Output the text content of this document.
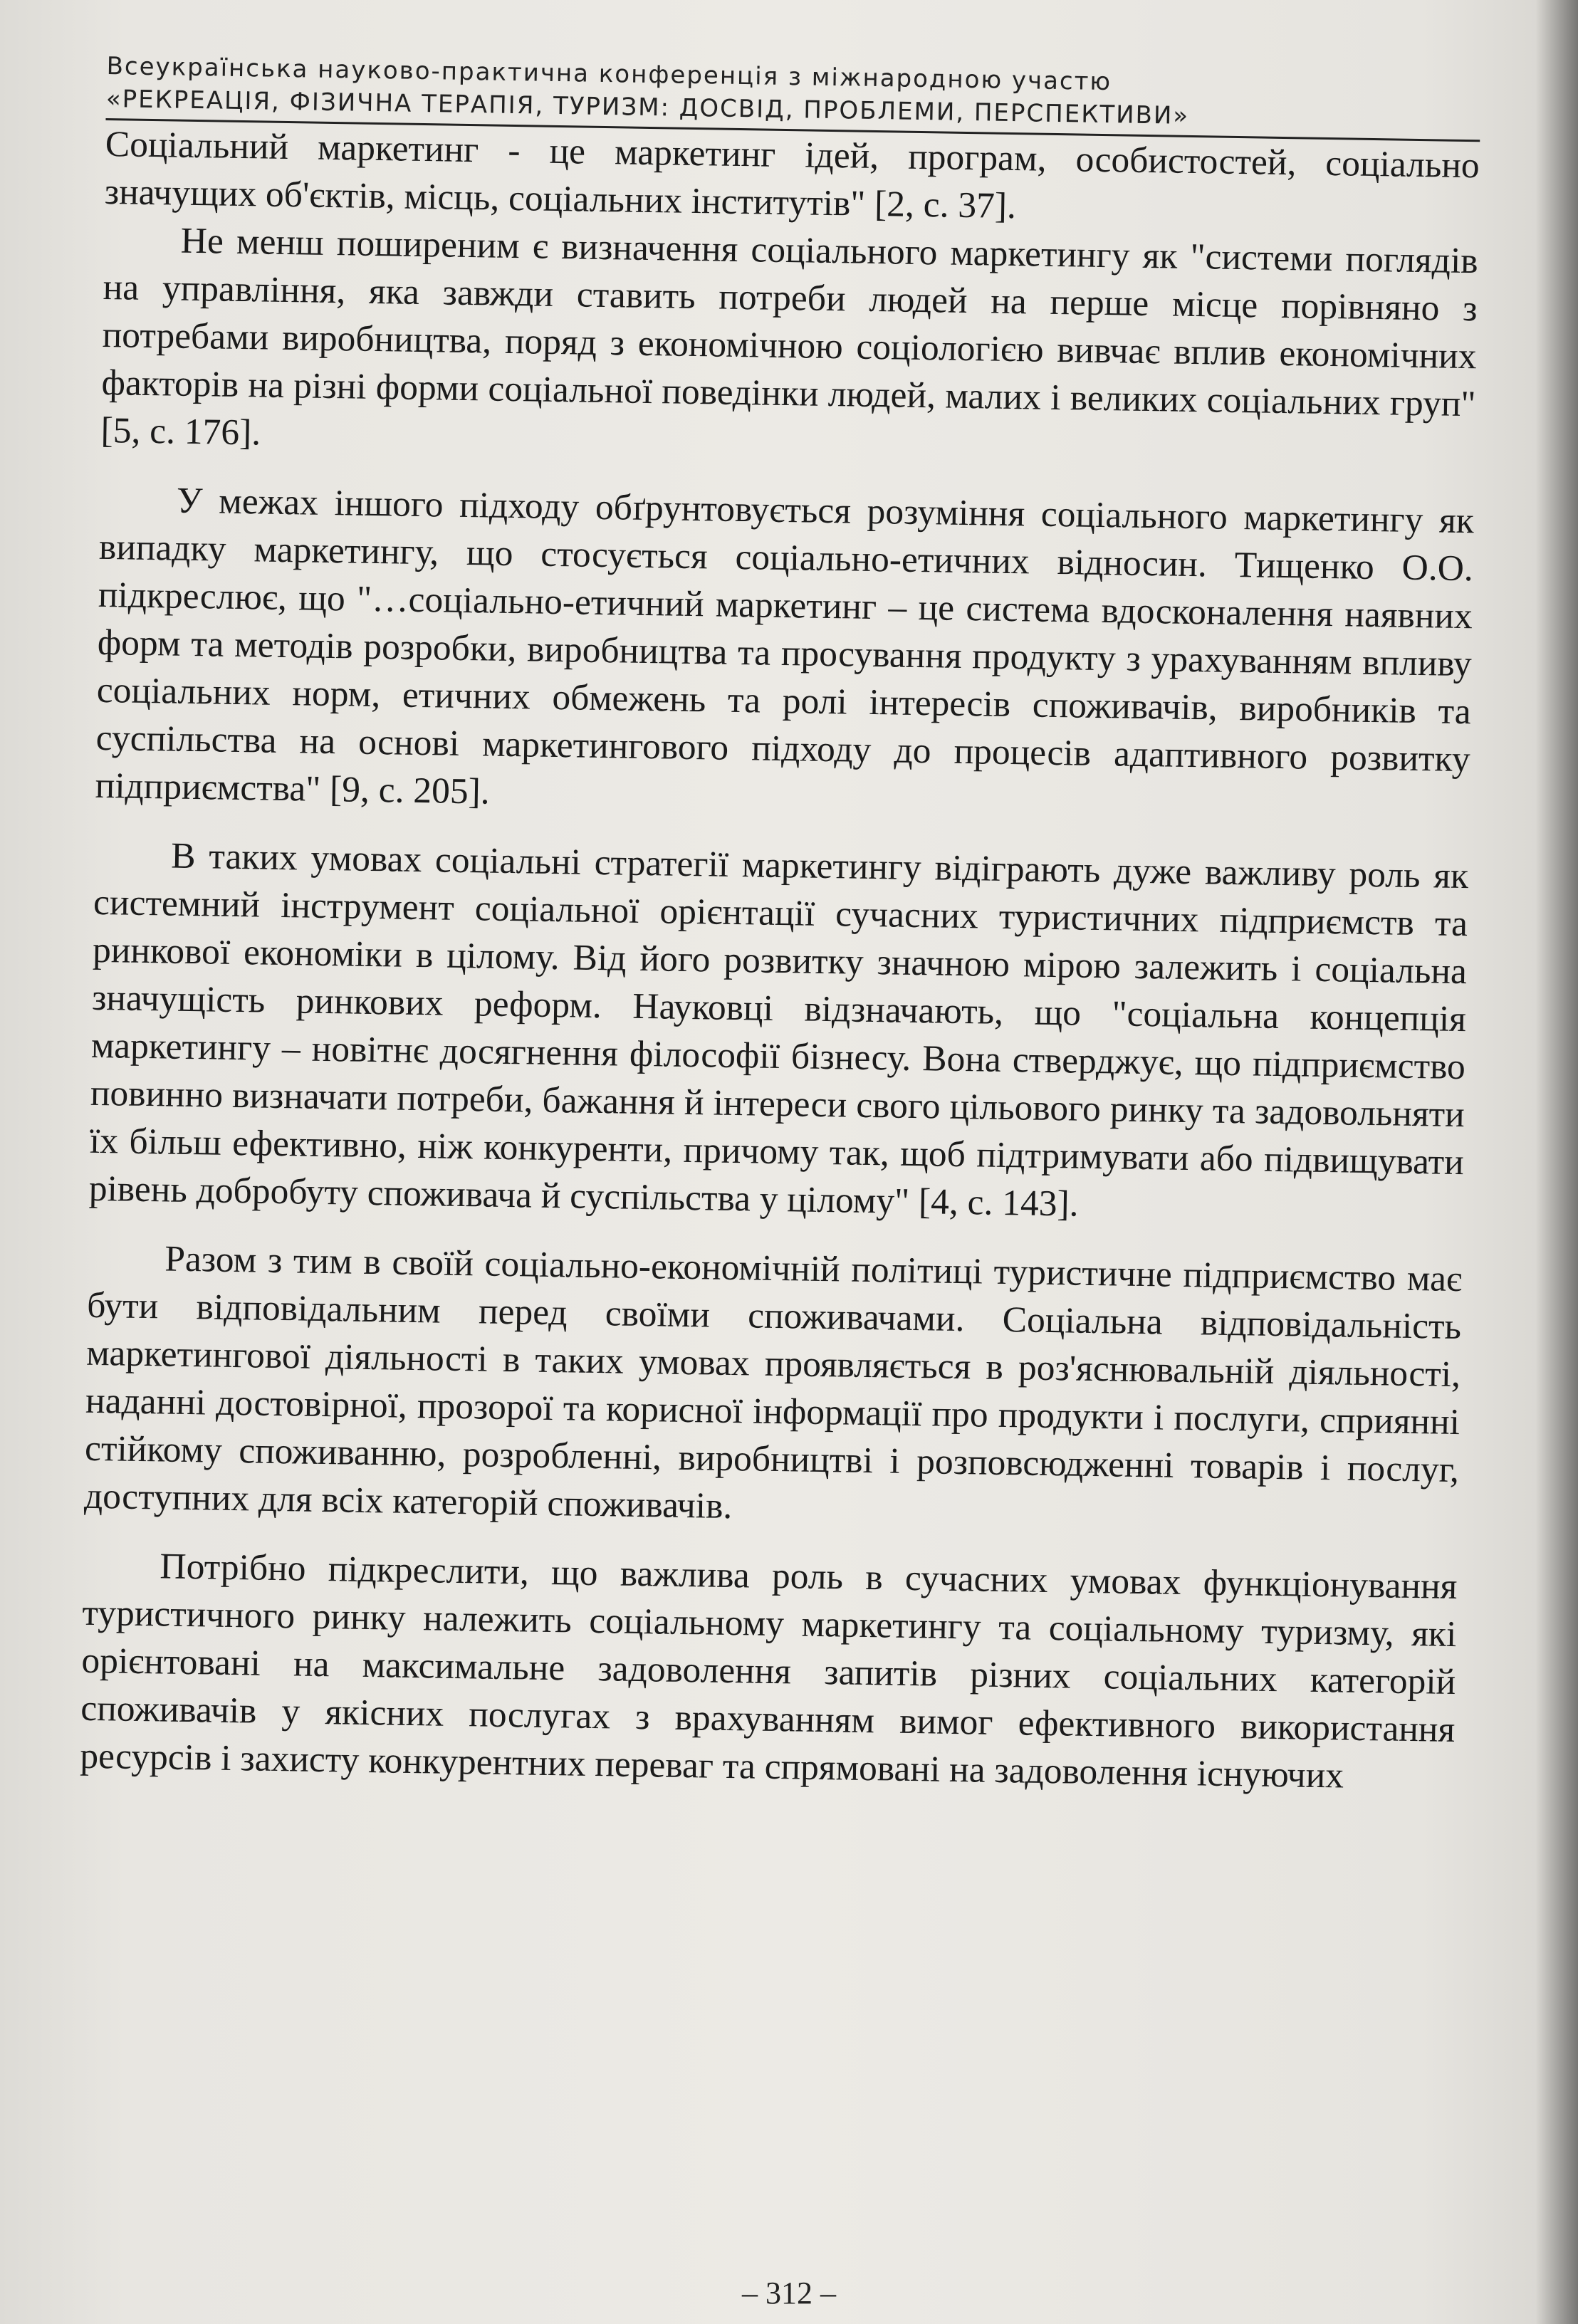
Всеукраїнська науково-практична конференція з міжнародною участю
«РЕКРЕАЦІЯ, ФІЗИЧНА ТЕРАПІЯ, ТУРИЗМ: ДОСВІД, ПРОБЛЕМИ, ПЕРСПЕКТИВИ»

Соціальний маркетинг - це маркетинг ідей, програм, особистостей, соціально значущих об'єктів, місць, соціальних інститутів" [2, с. 37].

Не менш поширеним є визначення соціального маркетингу як "системи поглядів на управління, яка завжди ставить потреби людей на перше місце порівняно з потребами виробництва, поряд з економічною соціологією вивчає вплив економічних факторів на різні форми соціальної поведінки людей, малих і великих соціальних груп" [5, с. 176].

У межах іншого підходу обґрунтовується розуміння соціального маркетингу як випадку маркетингу, що стосується соціально-етичних відносин. Тищенко О.О. підкреслює, що "…соціально-етичний маркетинг – це система вдосконалення наявних форм та методів розробки, виробництва та просування продукту з урахуванням впливу соціальних норм, етичних обмежень та ролі інтересів споживачів, виробників та суспільства на основі маркетингового підходу до процесів адаптивного розвитку підприємства" [9, с. 205].

В таких умовах соціальні стратегії маркетингу відіграють дуже важливу роль як системний інструмент соціальної орієнтації сучасних туристичних підприємств та ринкової економіки в цілому. Від його розвитку значною мірою залежить і соціальна значущість ринкових реформ. Науковці відзначають, що "соціальна концепція маркетингу – новітнє досягнення філософії бізнесу. Вона стверджує, що підприємство повинно визначати потреби, бажання й інтереси свого цільового ринку та задовольняти їх більш ефективно, ніж конкуренти, причому так, щоб підтримувати або підвищувати рівень добробуту споживача й суспільства у цілому" [4, с. 143].

Разом з тим в своїй соціально-економічній політиці туристичне підприємство має бути відповідальним перед своїми споживачами. Соціальна відповідальність маркетингової діяльності в таких умовах проявляється в роз'яснювальній діяльності, наданні достовірної, прозорої та корисної інформації про продукти і послуги, сприянні стійкому споживанню, розробленні, виробництві і розповсюдженні товарів і послуг, доступних для всіх категорій споживачів.

Потрібно підкреслити, що важлива роль в сучасних умовах функціонування туристичного ринку належить соціальному маркетингу та соціальному туризму, які орієнтовані на максимальне задоволення запитів різних соціальних категорій споживачів у якісних послугах з врахуванням вимог ефективного використання ресурсів і захисту конкурентних переваг та спрямовані на задоволення існуючих

– 312 –
